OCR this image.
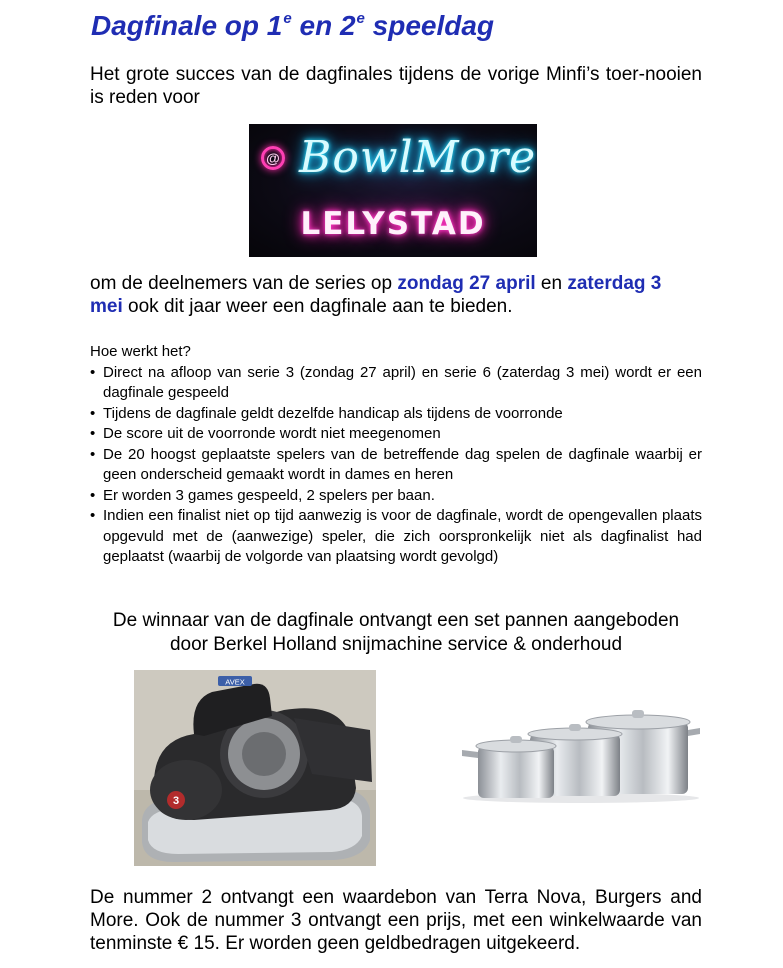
Dagfinale op 1e en 2e speeldag
Het grote succes van de dagfinales tijdens de vorige Minfi’s toer-nooien is reden voor
@ BowlMore
LELYSTAD
om de deelnemers van de series op zondag 27 april en zaterdag 3 mei ook dit jaar weer een dagfinale aan te bieden.
Hoe werkt het?
• Direct na afloop van serie 3 (zondag 27 april) en serie 6 (zaterdag 3 mei) wordt er een dagfinale gespeeld
• Tijdens de dagfinale geldt dezelfde handicap als tijdens de voorronde
• De score uit de voorronde wordt niet meegenomen
• De 20 hoogst geplaatste spelers van de betreffende dag spelen de dagfinale waarbij er geen onderscheid gemaakt wordt in dames en heren
• Er worden 3 games gespeeld, 2 spelers per baan.
• Indien een finalist niet op tijd aanwezig is voor de dagfinale, wordt de opengevallen plaats opgevuld met de (aanwezige) speler, die zich oorspronkelijk niet als dagfinalist had geplaatst (waarbij de volgorde van plaatsing wordt gevolgd)
De winnaar van de dagfinale ontvangt een set pannen aangeboden
door Berkel Holland snijmachine service & onderhoud
AVEX
3
De nummer 2 ontvangt een waardebon van Terra Nova, Burgers and More. Ook de nummer 3 ontvangt een prijs, met een winkelwaarde van tenminste € 15. Er worden geen geldbedragen uitgekeerd.
